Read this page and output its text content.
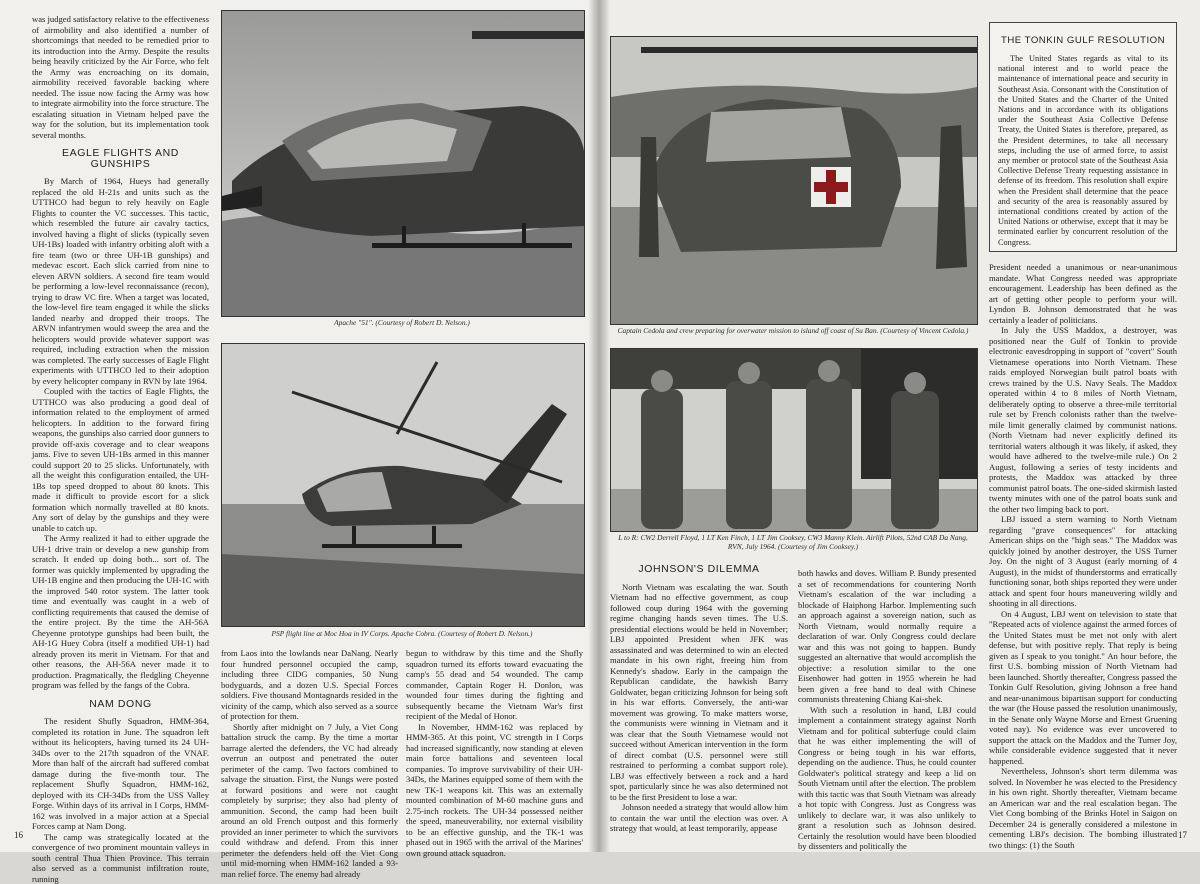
was judged satisfactory relative to the effectiveness of airmobility and also identified a number of shortcomings that needed to be remedied prior to its introduction into the Army. Despite the results being heavily criticized by the Air Force, who felt the Army was encroaching on its domain, airmobility received favorable backing where needed. The issue now facing the Army was how to integrate airmobility into the force structure. The escalating situation in Vietnam helped pave the way for the solution, but its implementation took several months.

EAGLE FLIGHTS AND GUNSHIPS

By March of 1964, Hueys had generally replaced the old H-21s and units such as the UTTHCO had begun to rely heavily on Eagle Flights to counter the VC successes. This tactic, which resembled the future air cavalry tactics, involved having a flight of slicks (typically seven UH-1Bs) loaded with infantry orbiting aloft with a fire team (two or three UH-1B gunships) and medevac escort. Each slick carried from nine to eleven ARVN soldiers. A second fire team would be performing a low-level reconnaissance (recon), trying to draw VC fire. When a target was located, the low-level fire team engaged it while the slicks landed nearby and dropped their troops. The ARVN infantrymen would sweep the area and the helicopters would provide whatever support was required, including extraction when the mission was completed. The early successes of Eagle Flight experiments with UTTHCO led to their adoption by every helicopter company in RVN by late 1964.

Coupled with the tactics of Eagle Flights, the UTTHCO was also producing a good deal of information related to the employment of armed helicopters. In addition to the forward firing weapons, the gunships also carried door gunners to provide off-axis coverage and to clear weapons jams. Five to seven UH-1Bs armed in this manner could support 20 to 25 slicks. Unfortunately, with all the weight this configuration entailed, the UH-1Bs top speed dropped to about 80 knots. This made it difficult to provide escort for a slick formation which normally travelled at 80 knots. Any sort of delay by the gunships and they were unable to catch up.

The Army realized it had to either upgrade the UH-1 drive train or develop a new gunship from scratch. It ended up doing both... sort of. The former was quickly implemented by upgrading the UH-1B engine and then producing the UH-1C with the improved 540 rotor system. The latter took time and eventually was caught in a web of conflicting requirements that caused the demise of the entire project. By the time the AH-56A Cheyenne prototype gunships had been built, the AH-1G Huey Cobra (itself a modified UH-1) had already proven its merit in Vietnam. For that and other reasons, the AH-56A never made it to production. Pragmatically, the fledgling Cheyenne program was felled by the fangs of the Cobra.

NAM DONG

The resident Shufly Squadron, HMM-364, completed its rotation in June. The squadron left without its helicopters, having turned its 24 UH-34Ds over to the 217th squadron of the VNAF. More than half of the aircraft had suffered combat damage during the five-month tour. The replacement Shufly Squadron, HMM-162, deployed with its CH-34Ds from the USS Valley Forge. Within days of its arrival in I Corps, HMM-162 was involved in a major action at a Special Forces camp at Nam Dong.

The camp was strategically located at the convergence of two prominent mountain valleys in south central Thua Thien Province. This terrain also served as a communist infiltration route, running

Apache "51". (Courtesy of Robert D. Nelson.)
PSP flight line at Moc Hoa in IV Corps. Apache Cobra. (Courtesy of Robert D. Nelson.)

from Laos into the lowlands near DaNang. Nearly four hundred personnel occupied the camp, including three CIDG companies, 50 Nung bodyguards, and a dozen U.S. Special Forces soldiers. Five thousand Montagnards resided in the vicinity of the camp, which also served as a source of protection for them.

Shortly after midnight on 7 July, a Viet Cong battalion struck the camp. By the time a mortar barrage alerted the defenders, the VC had already overrun an outpost and penetrated the outer perimeter of the camp. Two factors combined to salvage the situation. First, the Nungs were posted at forward positions and were not caught completely by surprise; they also had plenty of ammunition. Second, the camp had been built around an old French outpost and this formerly provided an inner perimeter to which the survivors could withdraw and defend. From this inner perimeter the defenders held off the Viet Cong until mid-morning when HMM-162 landed a 93-man relief force. The enemy had already

begun to withdraw by this time and the Shufly squadron turned its efforts toward evacuating the camp's 55 dead and 54 wounded. The camp commander, Captain Roger H. Donlon, was wounded four times during the fighting and subsequently became the Vietnam War's first recipient of the Medal of Honor.

In November, HMM-162 was replaced by HMM-365. At this point, VC strength in I Corps had increased significantly, now standing at eleven main force battalions and seventeen local companies. To improve survivability of their UH-34Ds, the Marines equipped some of them with the new TK-1 weapons kit. This was an externally mounted combination of M-60 machine guns and 2.75-inch rockets. The UH-34 possessed neither the speed, maneuverability, nor external visibility to be an effective gunship, and the TK-1 was phased out in 1965 with the arrival of the Marines' own ground attack squadron.

16
Captain Cedola and crew preparing for overwater mission to island off coast of Su Ban. (Courtesy of Vincent Cedola.)
THE TONKIN GULF RESOLUTION
The United States regards as vital to its national interest and to world peace the maintenance of international peace and security in Southeast Asia. Consonant with the Constitution of the United States and the Charter of the United Nations and in accordance with its obligations under the Southeast Asia Collective Defense Treaty, the United States is therefore, prepared, as the President determines, to take all necessary steps, including the use of armed force, to assist any member or protocol state of the Southeast Asia Collective Defense Treaty requesting assistance in defense of its freedom. This resolution shall expire when the President shall determine that the peace and security of the area is reasonably assured by international conditions created by action of the United Nations or otherwise, except that it may be terminated earlier by concurrent resolution of the Congress.
L to R: CW2 Derrell Floyd, 1 LT Ken Finch, 1 LT Jim Cooksey, CW3 Manny Klein. Airlift Pilots, 52nd CAB Da Nang, RVN, July 1964. (Courtesy of Jim Cooksey.)
JOHNSON'S DILEMMA

North Vietnam was escalating the war. South Vietnam had no effective government, as coup followed coup during 1964 with the governing regime changing hands seven times. The U.S. presidential elections would be held in November; LBJ appointed President when JFK was assassinated and was determined to win an elected mandate in his own right, freeing him from Kennedy's shadow. Early in the campaign the Republican candidate, the hawkish Barry Goldwater, began criticizing Johnson for being soft in his war efforts. Conversely, the anti-war movement was growing. To make matters worse, the communists were winning in Vietnam and it was clear that the South Vietnamese would not succeed without American intervention in the form of direct combat (U.S. personnel were still restrained to performing a combat support role). LBJ was effectively between a rock and a hard spot, particularly since he was also determined not to be the first President to lose a war.

Johnson needed a strategy that would allow him to contain the war until the election was over. A strategy that would, at least temporarily, appease

both hawks and doves. William P. Bundy presented a set of recommendations for countering North Vietnam's escalation of the war including a blockade of Haiphong Harbor. Implementing such an approach against a sovereign nation, such as North Vietnam, would normally require a declaration of war. Only Congress could declare war and this was not going to happen. Bundy suggested an alternative that would accomplish the objective: a resolution similar to the one Eisenhower had gotten in 1955 wherein he had been given a free hand to deal with Chinese communists threatening Chiang Kai-shek.

With such a resolution in hand, LBJ could implement a containment strategy against North Vietnam and for political subterfuge could claim that he was either implementing the will of Congress or being tough in his war efforts, depending on the audience. Thus, he could counter Goldwater's political strategy and keep a lid on South Vietnam until after the election. The problem with this tactic was that South Vietnam was already a hot topic with Congress. Just as Congress was unlikely to declare war, it was also unlikely to grant a resolution such as Johnson desired. Certainly the resolution would have been bloodied by dissenters and politically the

President needed a unanimous or near-unanimous mandate. What Congress needed was appropriate encouragement. Leadership has been defined as the art of getting other people to perform your will. Lyndon B. Johnson demonstrated that he was certainly a leader of politicians.

In July the USS Maddox, a destroyer, was positioned near the Gulf of Tonkin to provide electronic eavesdropping in support of "covert" South Vietnamese operations into North Vietnam. These raids employed Norwegian built patrol boats with crews trained by the U.S. Navy Seals. The Maddox operated within 4 to 8 miles of North Vietnam, deliberately opting to observe a three-mile territorial rule set by French colonists rather than the twelve-mile limit generally claimed by communist nations. (North Vietnam had never explicitly defined its territorial waters although it was likely, if asked, they would have adhered to the twelve-mile rule.) On 2 August, following a series of testy incidents and protests, the Maddox was attacked by three communist patrol boats. The one-sided skirmish lasted twenty minutes with one of the patrol boats sunk and the other two limping back to port.

LBJ issued a stern warning to North Vietnam regarding "grave consequences" for attacking American ships on the "high seas." The Maddox was quickly joined by another destroyer, the USS Turner Joy. On the night of 3 August (early morning of 4 August), in the midst of thunderstorms and erratically functioning sonar, both ships reported they were under attack and spent four hours maneuvering wildly and shooting in all directions.

On 4 August, LBJ went on television to state that "Repeated acts of violence against the armed forces of the United States must be met not only with alert defense, but with positive reply. That reply is being given as I speak to you tonight." An hour before, the first U.S. bombing mission of North Vietnam had been launched. Shortly thereafter, Congress passed the Tonkin Gulf Resolution, giving Johnson a free hand and near-unanimous bipartisan support for conducting the war (the House passed the resolution unanimously, in the Senate only Wayne Morse and Ernest Gruening voted nay). No evidence was ever uncovered to support the attack on the Maddox and the Turner Joy, while considerable evidence suggested that it never happened.

Nevertheless, Johnson's short term dilemma was solved. In November he was elected to the Presidency in his own right. Shortly thereafter, Vietnam became an American war and the real escalation began. The Viet Cong bombing of the Brinks Hotel in Saigon on December 24 is generally considered a milestone in cementing LBJ's decision. The bombing illustrated two things: (1) the South

17
